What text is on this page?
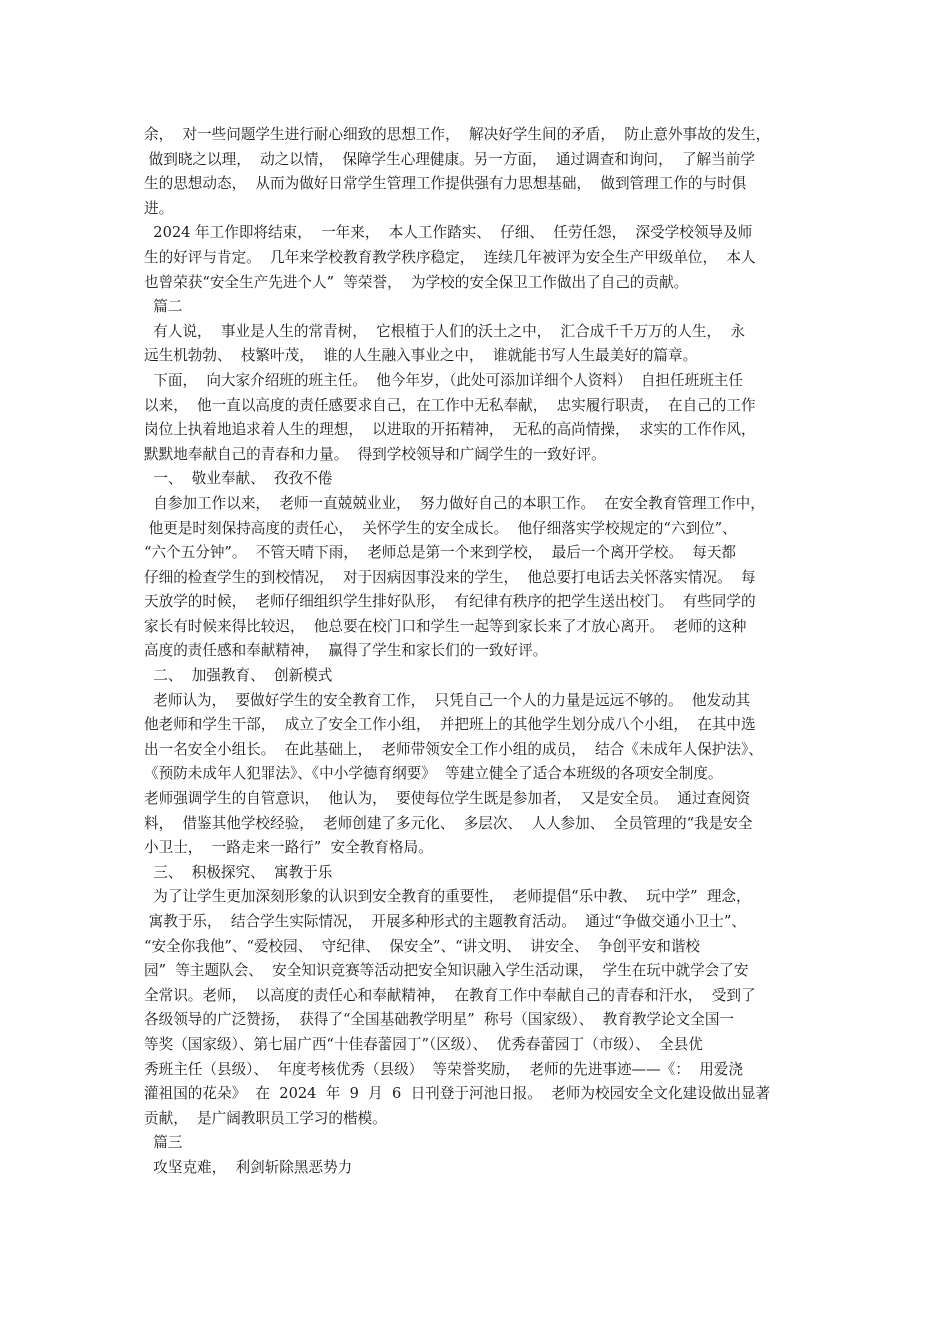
余，  对一些问题学生进行耐心细致的思想工作，  解决好学生间的矛盾，  防止意外事故的发生，
做到晓之以理，  动之以情，  保障学生心理健康。另一方面，  通过调查和询问，  了解当前学
生的思想动态，  从而为做好日常学生管理工作提供强有力思想基础，  做到管理工作的与时俱
进。
2024 年工作即将结束，  一年来，  本人工作踏实、  仔细、  任劳任怨，  深受学校领导及师
生的好评与肯定。  几年来学校教育教学秩序稳定，  连续几年被评为安全生产甲级单位，  本人
也曾荣获“安全生产先进个人”  等荣誉，  为学校的安全保卫工作做出了自己的贡献。
篇二
有人说，  事业是人生的常青树，  它根植于人们的沃土之中，  汇合成千千万万的人生，  永
远生机勃勃、  枝繁叶茂，  谁的人生融入事业之中，  谁就能书写人生最美好的篇章。
下面，  向大家介绍班的班主任。  他今年岁，（此处可添加详细个人资料）  自担任班班主任
以来，  他一直以高度的责任感要求自己，在工作中无私奉献，  忠实履行职责，  在自己的工作
岗位上执着地追求着人生的理想，  以进取的开拓精神，  无私的高尚情操，  求实的工作作风，
默默地奉献自己的青春和力量。  得到学校领导和广阔学生的一致好评。
一、  敬业奉献、  孜孜不倦
自参加工作以来，  老师一直兢兢业业，  努力做好自己的本职工作。  在安全教育管理工作中，
他更是时刻保持高度的责任心，  关怀学生的安全成长。  他仔细落实学校规定的“六到位”、
“六个五分钟”。  不管天晴下雨，  老师总是第一个来到学校，  最后一个离开学校。  每天都
仔细的检查学生的到校情况，  对于因病因事没来的学生，  他总要打电话去关怀落实情况。  每
天放学的时候，  老师仔细组织学生排好队形，  有纪律有秩序的把学生送出校门。  有些同学的
家长有时候来得比较迟，  他总要在校门口和学生一起等到家长来了才放心离开。  老师的这种
高度的责任感和奉献精神，  赢得了学生和家长们的一致好评。
二、  加强教育、  创新模式
老师认为，  要做好学生的安全教育工作，  只凭自己一个人的力量是远远不够的。  他发动其
他老师和学生干部，  成立了安全工作小组，  并把班上的其他学生划分成八个小组，  在其中选
出一名安全小组长。  在此基础上，  老师带领安全工作小组的成员，  结合《未成年人保护法》、
《预防未成年人犯罪法》、《中小学德育纲要》  等建立健全了适合本班级的各项安全制度。
老师强调学生的自管意识，  他认为，  要使每位学生既是参加者，  又是安全员。  通过查阅资
料，  借鉴其他学校经验，  老师创建了多元化、  多层次、  人人参加、  全员管理的“我是安全
小卫士，  一路走来一路行”  安全教育格局。
三、  积极探究、  寓教于乐
为了让学生更加深刻形象的认识到安全教育的重要性，  老师提倡“乐中教、  玩中学”  理念，
寓教于乐，  结合学生实际情况，  开展多种形式的主题教育活动。  通过“争做交通小卫士”、
“安全你我他”、“爱校园、  守纪律、  保安全”、“讲文明、  讲安全、  争创平安和谐校
园”  等主题队会、  安全知识竞赛等活动把安全知识融入学生活动课，  学生在玩中就学会了安
全常识。老师，  以高度的责任心和奉献精神，  在教育工作中奉献自己的青春和汗水，  受到了
各级领导的广泛赞扬，  获得了“全国基础教学明星”  称号（国家级）、  教育教学论文全国一
等奖（国家级）、第七届广西“十佳春蕾园丁”（区级）、  优秀春蕾园丁（市级）、  全县优
秀班主任（县级）、  年度考核优秀（县级）  等荣誉奖励，  老师的先进事迹——《：  用爱浇
灌祖国的花朵》  在  2024  年  9  月  6  日刊登于河池日报。  老师为校园安全文化建设做出显著
贡献，  是广阔教职员工学习的楷模。
篇三
攻坚克难，  利剑斩除黑恶势力
